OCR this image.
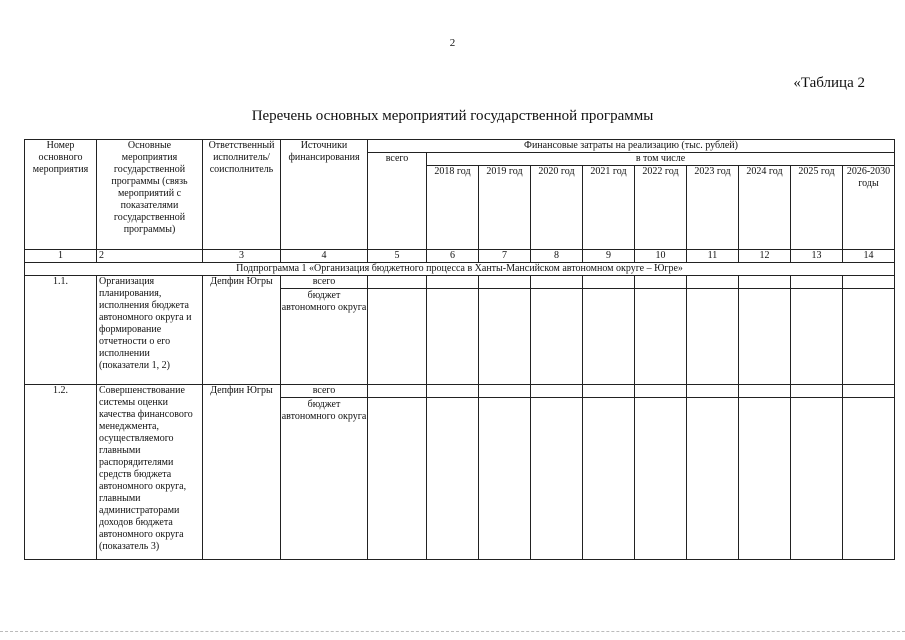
2
«Таблица 2
Перечень основных мероприятий государственной программы
Номер основного мероприятия	Основные мероприятия государственной программы (связь мероприятий с показателями государственной программы)	Ответственный исполнитель/ соисполнитель	Источники финансирования	Финансовые затраты на реализацию (тыс. рублей)									
				всего	в том числе								
					2018 год	2019 год	2020 год	2021 год	2022 год	2023 год	2024 год	2025 год	2026-2030 годы
1	2	3	4	5	6	7	8	9	10	11	12	13	14
Подпрограмма 1 «Организация бюджетного процесса в Ханты-Мансийском автономном округе – Югре»													
1.1.	Организация планирования, исполнения бюджета автономного округа и формирование отчетности о его исполнении (показатели 1, 2)	Депфин Югры	всего
бюджет автономного округа										

1.2.	Совершенствование системы оценки качества финансового менеджмента, осуществляемого главными распорядителями средств бюджета автономного округа, главными администраторами доходов бюджета автономного округа (показатель 3)	Депфин Югры	всего
бюджет автономного округа										
